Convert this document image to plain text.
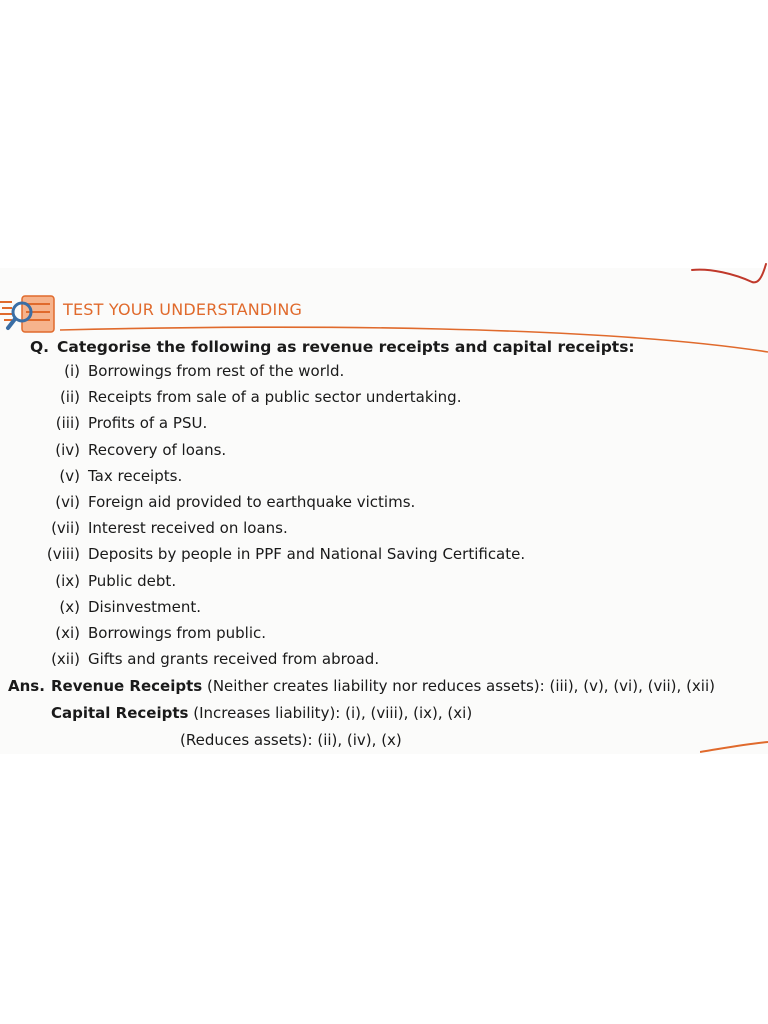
TEST YOUR UNDERSTANDING
Q. Categorise the following as revenue receipts and capital receipts:
(i) Borrowings from rest of the world.
(ii) Receipts from sale of a public sector undertaking.
(iii) Profits of a PSU.
(iv) Recovery of loans.
(v) Tax receipts.
(vi) Foreign aid provided to earthquake victims.
(vii) Interest received on loans.
(viii) Deposits by people in PPF and National Saving Certificate.
(ix) Public debt.
(x) Disinvestment.
(xi) Borrowings from public.
(xii) Gifts and grants received from abroad.
Ans. Revenue Receipts (Neither creates liability nor reduces assets): (iii), (v), (vi), (vii), (xii)
Capital Receipts (Increases liability): (i), (viii), (ix), (xi)
(Reduces assets): (ii), (iv), (x)
